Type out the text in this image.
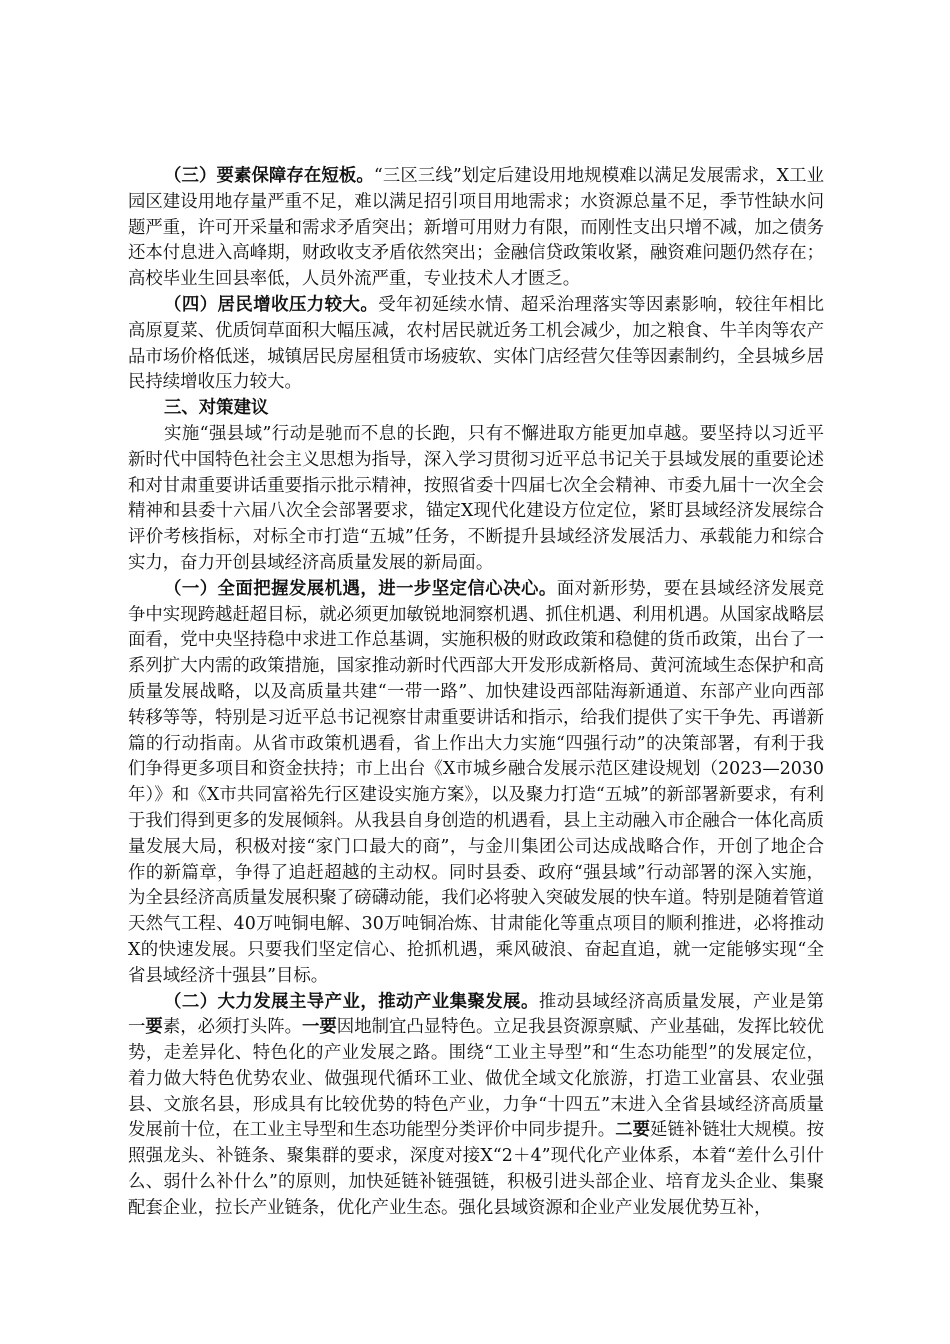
（三）要素保障存在短板。“三区三线”划定后建设用地规模难以满足发展需求，X工业园区建设用地存量严重不足，难以满足招引项目用地需求；水资源总量不足，季节性缺水问题严重，许可开采量和需求矛盾突出；新增可用财力有限，而刚性支出只增不减，加之债务还本付息进入高峰期，财政收支矛盾依然突出；金融信贷政策收紧，融资难问题仍然存在；高校毕业生回县率低，人员外流严重，专业技术人才匮乏。

（四）居民增收压力较大。受年初延续水情、超采治理落实等因素影响，较往年相比高原夏菜、优质饲草面积大幅压减，农村居民就近务工机会减少，加之粮食、牛羊肉等农产品市场价格低迷，城镇居民房屋租赁市场疲软、实体门店经营欠佳等因素制约，全县城乡居民持续增收压力较大。

三、对策建议

实施“强县域”行动是驰而不息的长跑，只有不懈进取方能更加卓越。要坚持以习近平新时代中国特色社会主义思想为指导，深入学习贯彻习近平总书记关于县域发展的重要论述和对甘肃重要讲话重要指示批示精神，按照省委十四届七次全会精神、市委九届十一次全会精神和县委十六届八次全会部署要求，锚定X现代化建设方位定位，紧盯县域经济发展综合评价考核指标，对标全市打造“五城”任务，不断提升县域经济发展活力、承载能力和综合实力，奋力开创县域经济高质量发展的新局面。

（一）全面把握发展机遇，进一步坚定信心决心。面对新形势，要在县域经济发展竞争中实现跨越赶超目标，就必须更加敏锐地洞察机遇、抓住机遇、利用机遇。从国家战略层面看，党中央坚持稳中求进工作总基调，实施积极的财政政策和稳健的货币政策，出台了一系列扩大内需的政策措施，国家推动新时代西部大开发形成新格局、黄河流域生态保护和高质量发展战略，以及高质量共建“一带一路”、加快建设西部陆海新通道、东部产业向西部转移等等，特别是习近平总书记视察甘肃重要讲话和指示，给我们提供了实干争先、再谱新篇的行动指南。从省市政策机遇看，省上作出大力实施“四强行动”的决策部署，有利于我们争得更多项目和资金扶持；市上出台《X市城乡融合发展示范区建设规划（2023—2030年）》和《X市共同富裕先行区建设实施方案》，以及聚力打造“五城”的新部署新要求，有利于我们得到更多的发展倾斜。从我县自身创造的机遇看，县上主动融入市企融合一体化高质量发展大局，积极对接“家门口最大的商”，与金川集团公司达成战略合作，开创了地企合作的新篇章，争得了追赶超越的主动权。同时县委、政府“强县域”行动部署的深入实施，为全县经济高质量发展积聚了磅礴动能，我们必将驶入突破发展的快车道。特别是随着管道天然气工程、40万吨铜电解、30万吨铜冶炼、甘肃能化等重点项目的顺利推进，必将推动X的快速发展。只要我们坚定信心、抢抓机遇，乘风破浪、奋起直追，就一定能够实现“全省县域经济十强县”目标。

（二）大力发展主导产业，推动产业集聚发展。推动县域经济高质量发展，产业是第一要素，必须打头阵。一要因地制宜凸显特色。立足我县资源禀赋、产业基础，发挥比较优势，走差异化、特色化的产业发展之路。围绕“工业主导型”和“生态功能型”的发展定位，着力做大特色优势农业、做强现代循环工业、做优全域文化旅游，打造工业富县、农业强县、文旅名县，形成具有比较优势的特色产业，力争“十四五”末进入全省县域经济高质量发展前十位，在工业主导型和生态功能型分类评价中同步提升。二要延链补链壮大规模。按照强龙头、补链条、聚集群的要求，深度对接X“2＋4”现代化产业体系，本着“差什么引什么、弱什么补什么”的原则，加快延链补链强链，积极引进头部企业、培育龙头企业、集聚配套企业，拉长产业链条，优化产业生态。强化县域资源和企业产业发展优势互补，
